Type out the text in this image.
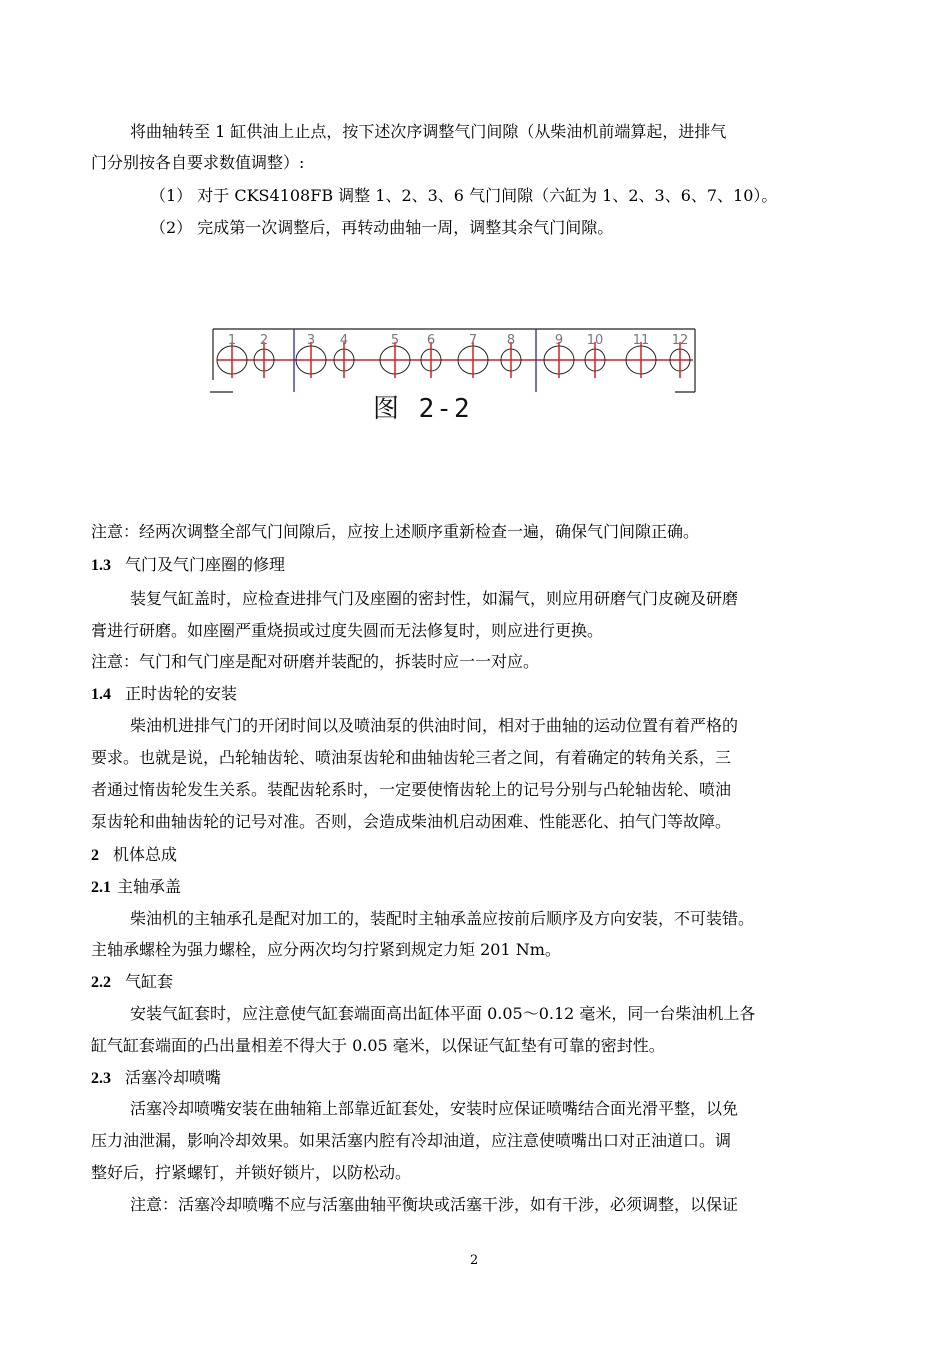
将曲轴转至 1 缸供油上止点，按下述次序调整气门间隙（从柴油机前端算起，进排气
门分别按各自要求数值调整）:
（1） 对于 CKS4108FB 调整 1、2、3、6 气门间隙（六缸为 1、2、3、6、7、10）。
（2） 完成第一次调整后，再转动曲轴一周，调整其余气门间隙。
1 2	3 4	5 6	7 8	9 10 11 12
图 2-2
注意：经两次调整全部气门间隙后，应按上述顺序重新检查一遍，确保气门间隙正确。
1.3 气门及气门座圈的修理
装复气缸盖时，应检查进排气门及座圈的密封性，如漏气，则应用研磨气门皮碗及研磨
膏进行研磨。如座圈严重烧损或过度失圆而无法修复时，则应进行更换。
注意：气门和气门座是配对研磨并装配的，拆装时应一一对应。
1.4 正时齿轮的安装
柴油机进排气门的开闭时间以及喷油泵的供油时间，相对于曲轴的运动位置有着严格的
要求。也就是说，凸轮轴齿轮、喷油泵齿轮和曲轴齿轮三者之间，有着确定的转角关系，三
者通过惰齿轮发生关系。装配齿轮系时，一定要使惰齿轮上的记号分别与凸轮轴齿轮、喷油
泵齿轮和曲轴齿轮的记号对准。否则，会造成柴油机启动困难、性能恶化、拍气门等故障。
2 机体总成
2.1 主轴承盖
柴油机的主轴承孔是配对加工的，装配时主轴承盖应按前后顺序及方向安装，不可装错。
主轴承螺栓为强力螺栓，应分两次均匀拧紧到规定力矩 201 Nm。
2.2 气缸套
安装气缸套时，应注意使气缸套端面高出缸体平面 0.05～0.12 毫米，同一台柴油机上各
缸气缸套端面的凸出量相差不得大于 0.05 毫米，以保证气缸垫有可靠的密封性。
2.3 活塞冷却喷嘴
活塞冷却喷嘴安装在曲轴箱上部靠近缸套处，安装时应保证喷嘴结合面光滑平整，以免
压力油泄漏，影响冷却效果。如果活塞内腔有冷却油道，应注意使喷嘴出口对正油道口。调
整好后，拧紧螺钉，并锁好锁片，以防松动。
注意：活塞冷却喷嘴不应与活塞曲轴平衡块或活塞干涉，如有干涉，必须调整，以保证
2
